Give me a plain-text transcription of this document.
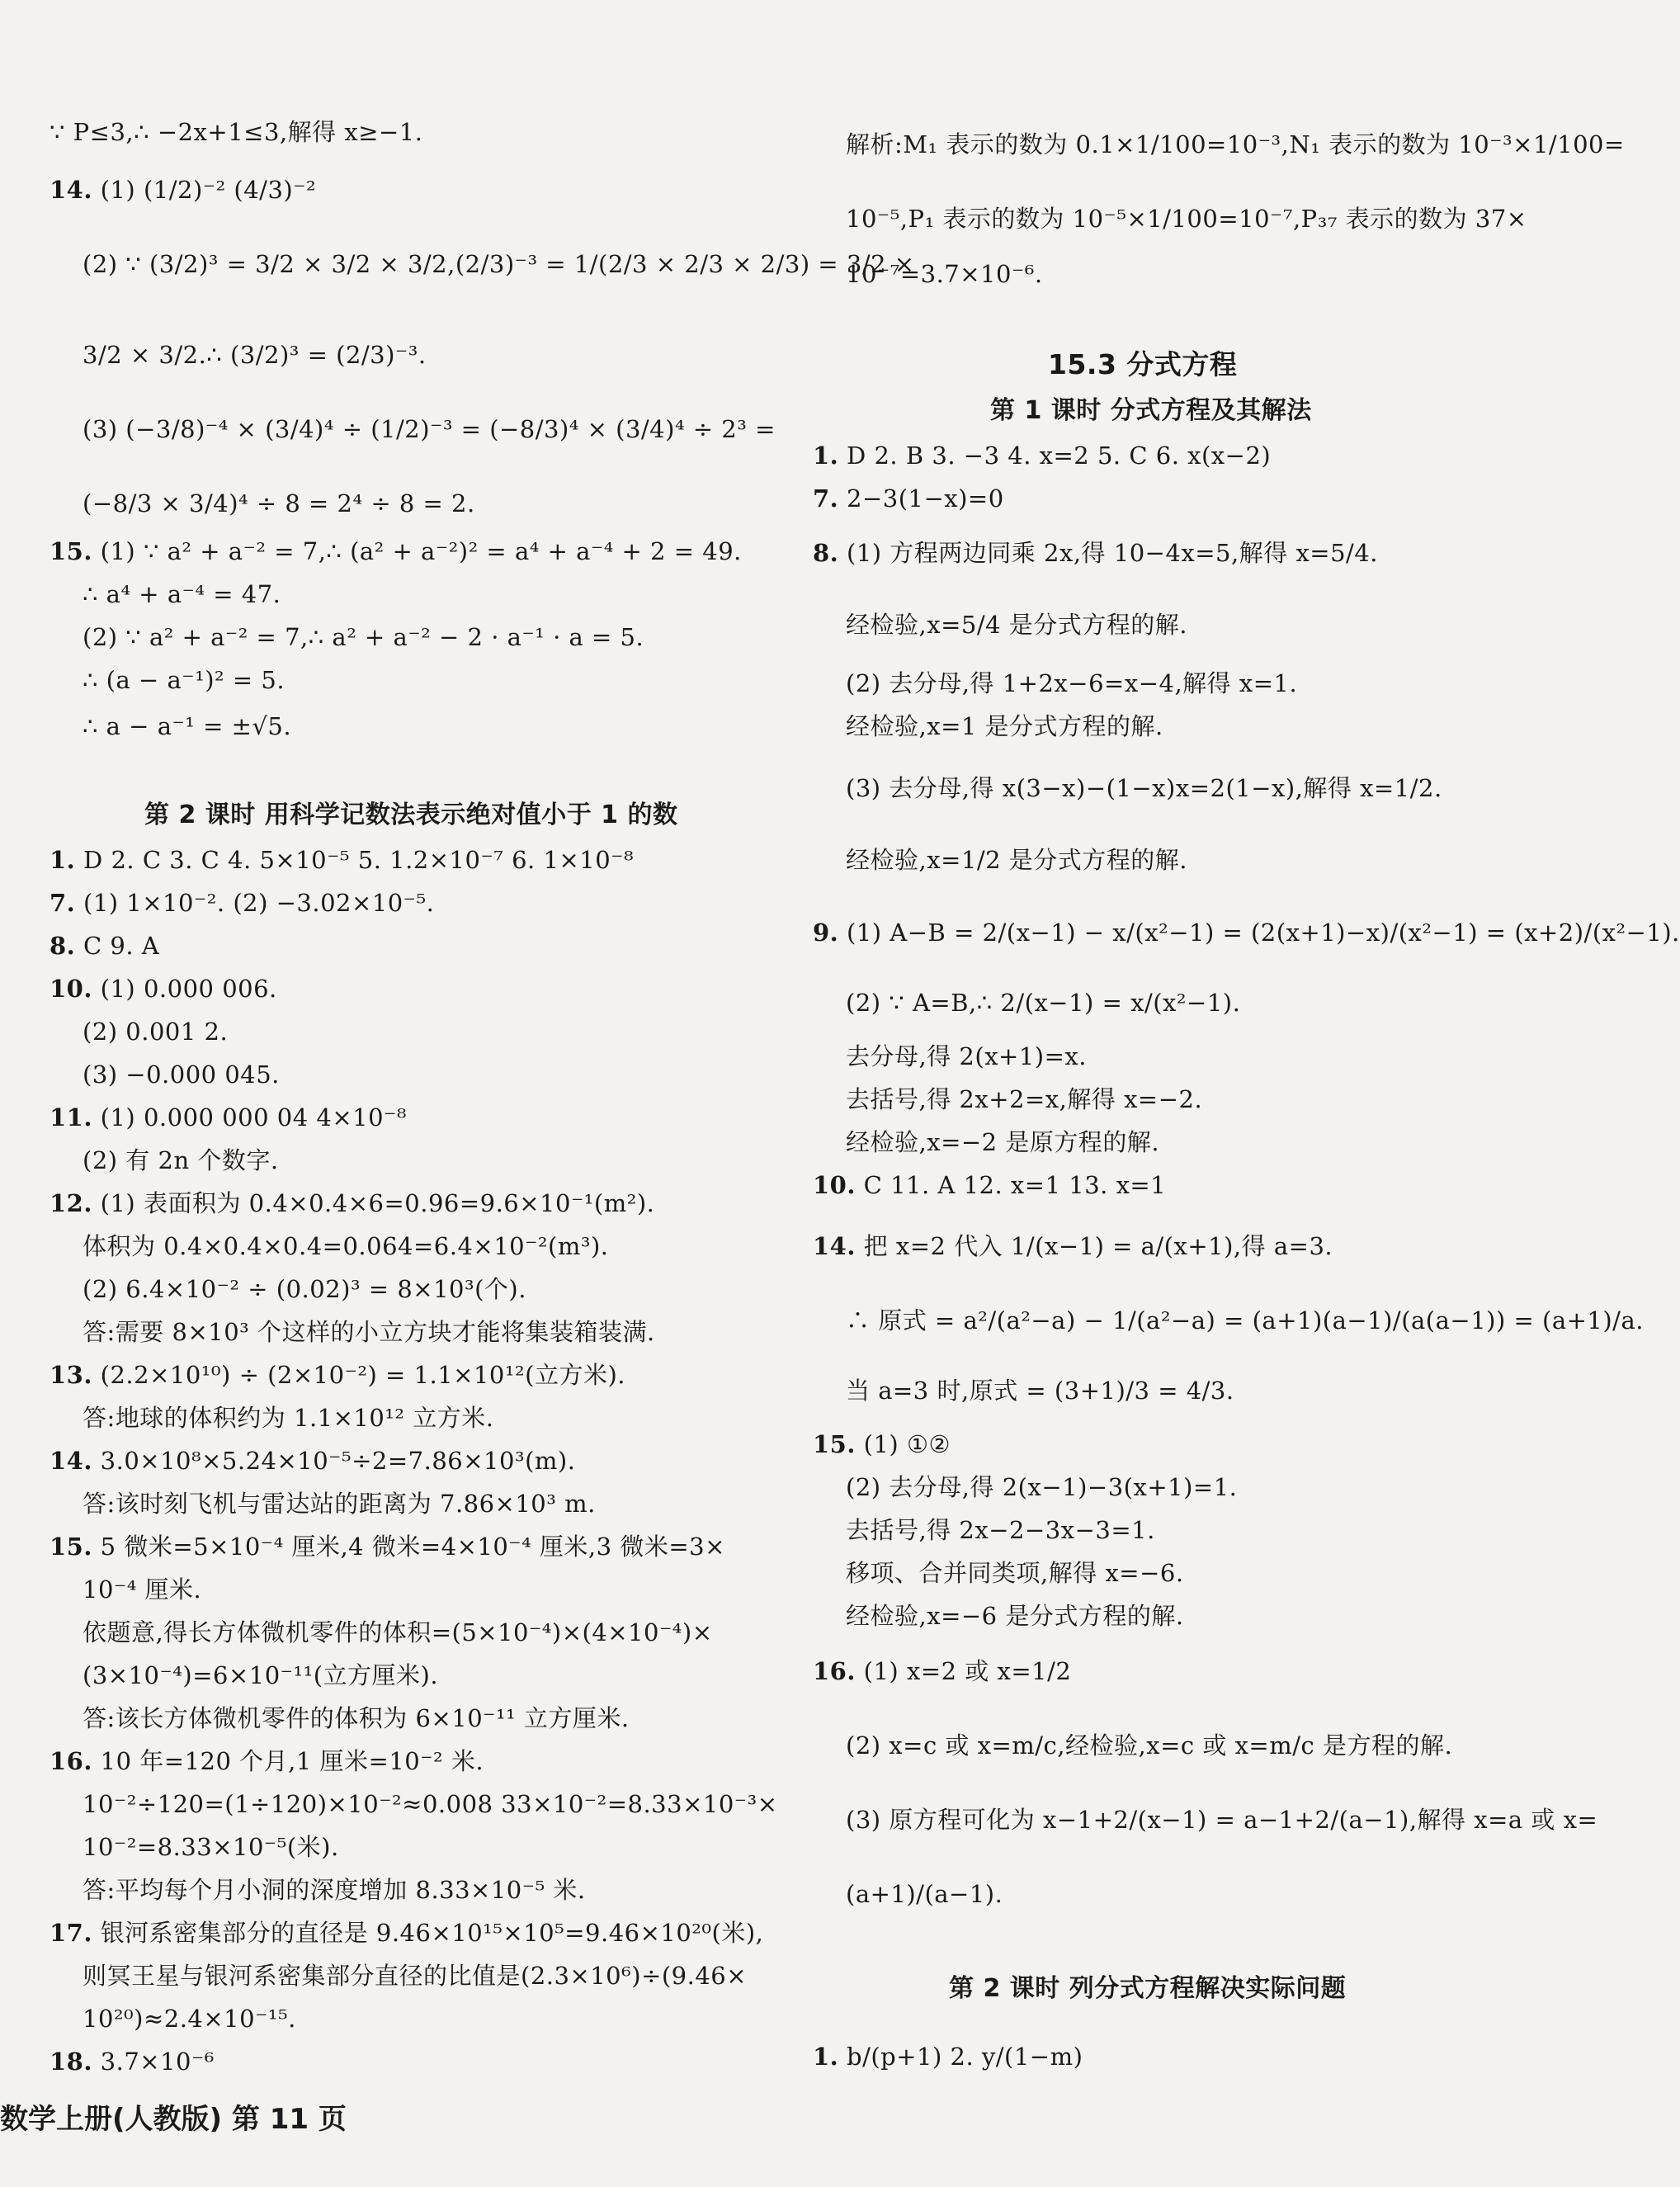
∵ P≤3,∴ −2x+1≤3,解得 x≥−1.
14. (1) (1/2)⁻² (4/3)⁻²
(2) ∵ (3/2)³ = 3/2 × 3/2 × 3/2,(2/3)⁻³ = 1/(2/3 × 2/3 × 2/3) = 3/2 ×
3/2 × 3/2.∴ (3/2)³ = (2/3)⁻³.
(3) (−3/8)⁻⁴ × (3/4)⁴ ÷ (1/2)⁻³ = (−8/3)⁴ × (3/4)⁴ ÷ 2³ =
(−8/3 × 3/4)⁴ ÷ 8 = 2⁴ ÷ 8 = 2.
15. (1) ∵ a² + a⁻² = 7,∴ (a² + a⁻²)² = a⁴ + a⁻⁴ + 2 = 49.
∴ a⁴ + a⁻⁴ = 47.
(2) ∵ a² + a⁻² = 7,∴ a² + a⁻² − 2 · a⁻¹ · a = 5.
∴ (a − a⁻¹)² = 5.
∴ a − a⁻¹ = ±√5.
第 2 课时 用科学记数法表示绝对值小于 1 的数
1. D 2. C 3. C 4. 5×10⁻⁵ 5. 1.2×10⁻⁷ 6. 1×10⁻⁸
7. (1) 1×10⁻². (2) −3.02×10⁻⁵.
8. C 9. A
10. (1) 0.000 006.
(2) 0.001 2.
(3) −0.000 045.
11. (1) 0.000 000 04 4×10⁻⁸
(2) 有 2n 个数字.
12. (1) 表面积为 0.4×0.4×6=0.96=9.6×10⁻¹(m²).
体积为 0.4×0.4×0.4=0.064=6.4×10⁻²(m³).
(2) 6.4×10⁻² ÷ (0.02)³ = 8×10³(个).
答:需要 8×10³ 个这样的小立方块才能将集装箱装满.
13. (2.2×10¹⁰) ÷ (2×10⁻²) = 1.1×10¹²(立方米).
答:地球的体积约为 1.1×10¹² 立方米.
14. 3.0×10⁸×5.24×10⁻⁵÷2=7.86×10³(m).
答:该时刻飞机与雷达站的距离为 7.86×10³ m.
15. 5 微米=5×10⁻⁴ 厘米,4 微米=4×10⁻⁴ 厘米,3 微米=3×
10⁻⁴ 厘米.
依题意,得长方体微机零件的体积=(5×10⁻⁴)×(4×10⁻⁴)×
(3×10⁻⁴)=6×10⁻¹¹(立方厘米).
答:该长方体微机零件的体积为 6×10⁻¹¹ 立方厘米.
16. 10 年=120 个月,1 厘米=10⁻² 米.
10⁻²÷120=(1÷120)×10⁻²≈0.008 33×10⁻²=8.33×10⁻³×
10⁻²=8.33×10⁻⁵(米).
答:平均每个月小洞的深度增加 8.33×10⁻⁵ 米.
17. 银河系密集部分的直径是 9.46×10¹⁵×10⁵=9.46×10²⁰(米),
则冥王星与银河系密集部分直径的比值是(2.3×10⁶)÷(9.46×
10²⁰)≈2.4×10⁻¹⁵.
18. 3.7×10⁻⁶
解析:M₁ 表示的数为 0.1×1/100=10⁻³,N₁ 表示的数为 10⁻³×1/100=
10⁻⁵,P₁ 表示的数为 10⁻⁵×1/100=10⁻⁷,P₃₇ 表示的数为 37×
10⁻⁷=3.7×10⁻⁶.
15.3 分式方程
第 1 课时 分式方程及其解法
1. D 2. B 3. −3 4. x=2 5. C 6. x(x−2)
7. 2−3(1−x)=0
8. (1) 方程两边同乘 2x,得 10−4x=5,解得 x=5/4.
经检验,x=5/4 是分式方程的解.
(2) 去分母,得 1+2x−6=x−4,解得 x=1.
经检验,x=1 是分式方程的解.
(3) 去分母,得 x(3−x)−(1−x)x=2(1−x),解得 x=1/2.
经检验,x=1/2 是分式方程的解.
9. (1) A−B = 2/(x−1) − x/(x²−1) = (2(x+1)−x)/(x²−1) = (x+2)/(x²−1).
(2) ∵ A=B,∴ 2/(x−1) = x/(x²−1).
去分母,得 2(x+1)=x.
去括号,得 2x+2=x,解得 x=−2.
经检验,x=−2 是原方程的解.
10. C 11. A 12. x=1 13. x=1
14. 把 x=2 代入 1/(x−1) = a/(x+1),得 a=3.
∴ 原式 = a²/(a²−a) − 1/(a²−a) = (a+1)(a−1)/(a(a−1)) = (a+1)/a.
当 a=3 时,原式 = (3+1)/3 = 4/3.
15. (1) ①②
(2) 去分母,得 2(x−1)−3(x+1)=1.
去括号,得 2x−2−3x−3=1.
移项、合并同类项,解得 x=−6.
经检验,x=−6 是分式方程的解.
16. (1) x=2 或 x=1/2
(2) x=c 或 x=m/c,经检验,x=c 或 x=m/c 是方程的解.
(3) 原方程可化为 x−1+2/(x−1) = a−1+2/(a−1),解得 x=a 或 x=
(a+1)/(a−1).
第 2 课时 列分式方程解决实际问题
1. b/(p+1) 2. y/(1−m)
数学上册(人教版) 第 11 页
